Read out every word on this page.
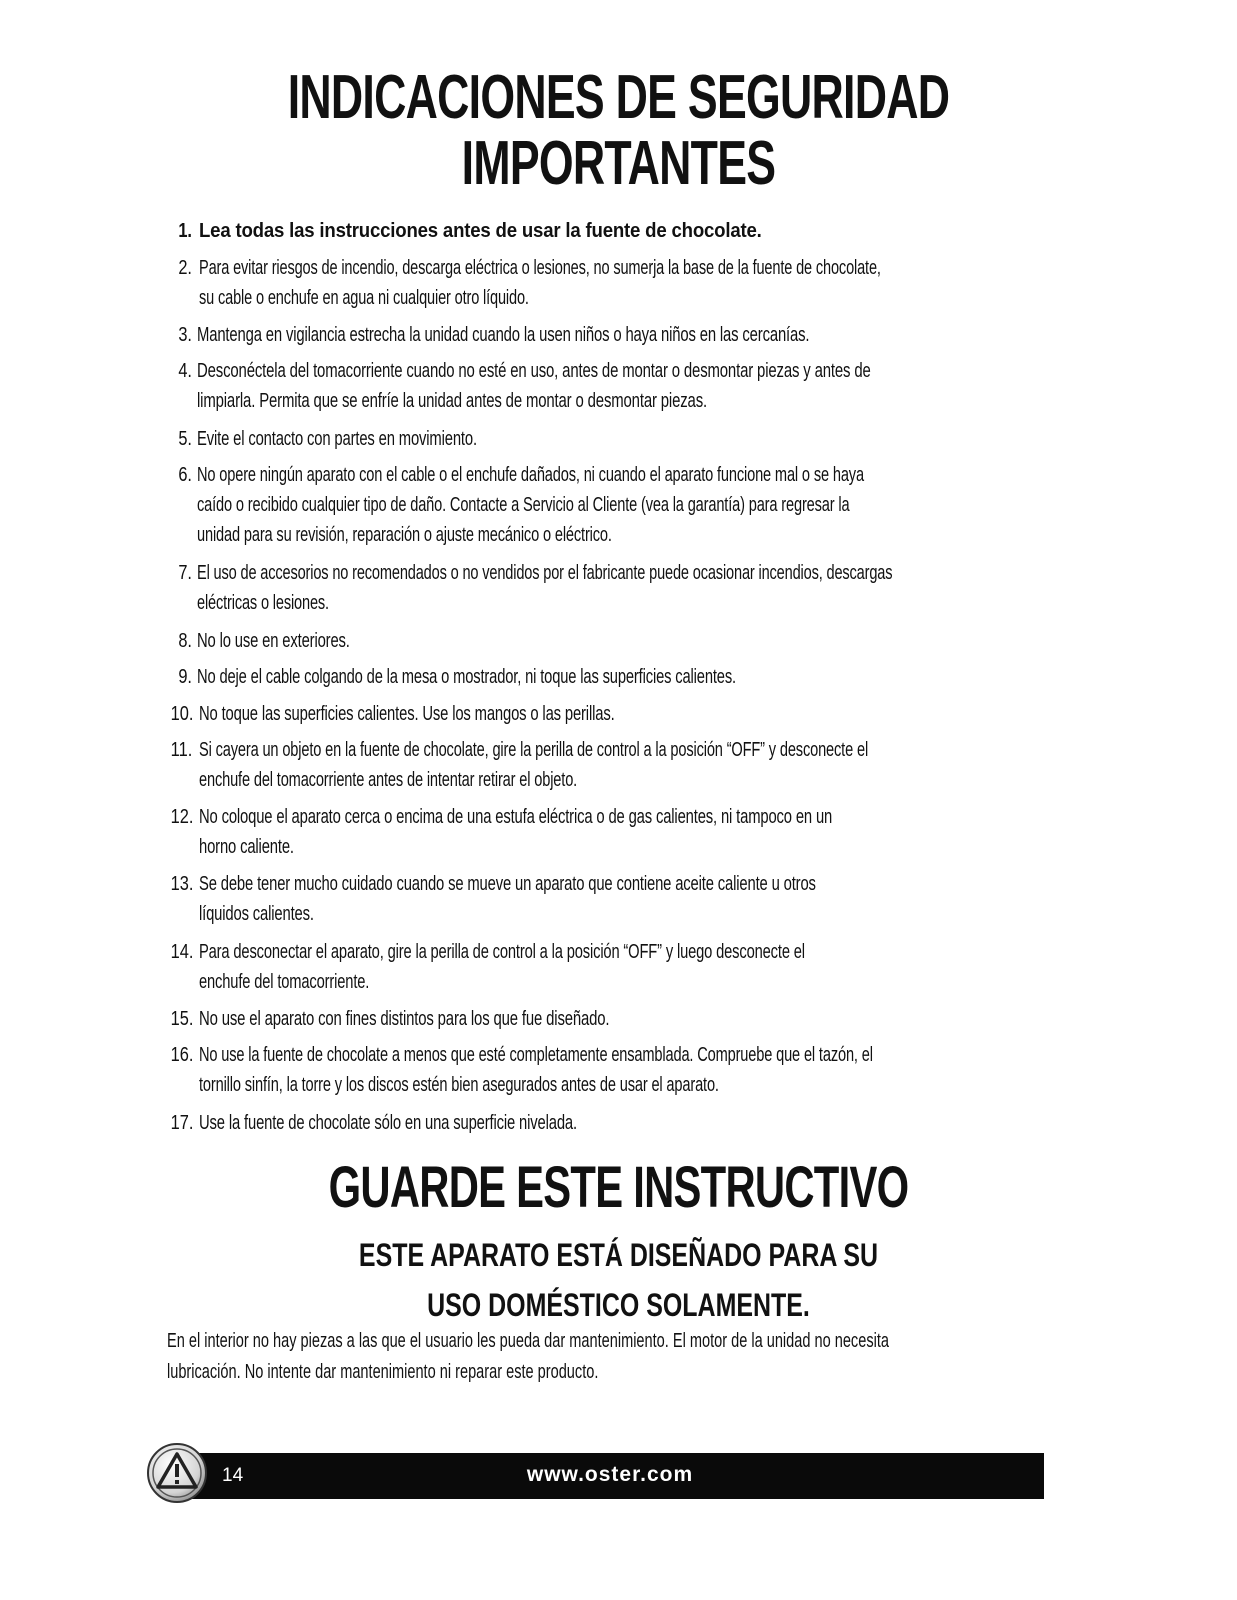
INDICACIONES DE SEGURIDAD
IMPORTANTES
1. Lea todas las instrucciones antes de usar la fuente de chocolate.
2. Para evitar riesgos de incendio, descarga eléctrica o lesiones, no sumerja la base de la fuente de chocolate,
su cable o enchufe en agua ni cualquier otro líquido.
3. Mantenga en vigilancia estrecha la unidad cuando la usen niños o haya niños en las cercanías.
4. Desconéctela del tomacorriente cuando no esté en uso, antes de montar o desmontar piezas y antes de
limpiarla. Permita que se enfríe la unidad antes de montar o desmontar piezas.
5. Evite el contacto con partes en movimiento.
6. No opere ningún aparato con el cable o el enchufe dañados, ni cuando el aparato funcione mal o se haya
caído o recibido cualquier tipo de daño. Contacte a Servicio al Cliente (vea la garantía) para regresar la
unidad para su revisión, reparación o ajuste mecánico o eléctrico.
7. El uso de accesorios no recomendados o no vendidos por el fabricante puede ocasionar incendios, descargas
eléctricas o lesiones.
8. No lo use en exteriores.
9. No deje el cable colgando de la mesa o mostrador, ni toque las superficies calientes.
10. No toque las superficies calientes. Use los mangos o las perillas.
11. Si cayera un objeto en la fuente de chocolate, gire la perilla de control a la posición “OFF” y desconecte el
enchufe del tomacorriente antes de intentar retirar el objeto.
12. No coloque el aparato cerca o encima de una estufa eléctrica o de gas calientes, ni tampoco en un
horno caliente.
13. Se debe tener mucho cuidado cuando se mueve un aparato que contiene aceite caliente u otros
líquidos calientes.
14. Para desconectar el aparato, gire la perilla de control a la posición “OFF” y luego desconecte el
enchufe del tomacorriente.
15. No use el aparato con fines distintos para los que fue diseñado.
16. No use la fuente de chocolate a menos que esté completamente ensamblada. Compruebe que el tazón, el
tornillo sinfín, la torre y los discos estén bien asegurados antes de usar el aparato.
17. Use la fuente de chocolate sólo en una superficie nivelada.
GUARDE ESTE INSTRUCTIVO
ESTE APARATO ESTÁ DISEÑADO PARA SU
USO DOMÉSTICO SOLAMENTE.
En el interior no hay piezas a las que el usuario les pueda dar mantenimiento. El motor de la unidad no necesita
lubricación. No intente dar mantenimiento ni reparar este producto.
14	www.oster.com
